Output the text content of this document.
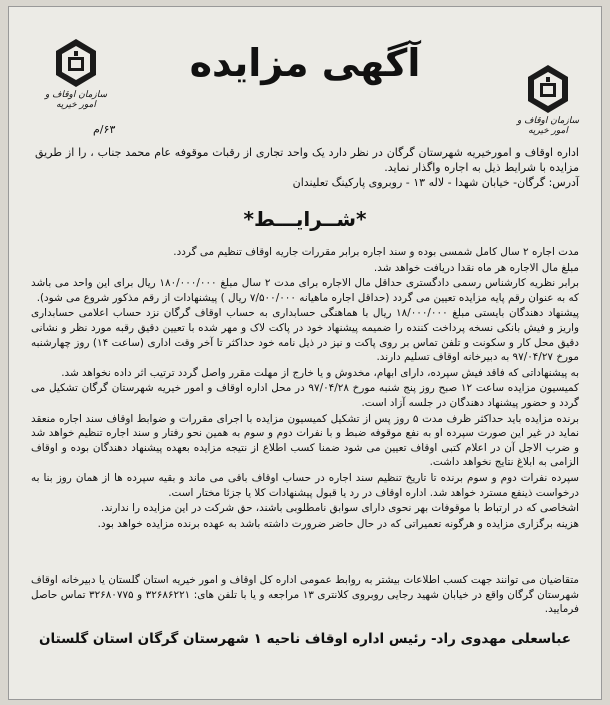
سازمان اوقاف و امور خیریه
سازمان اوقاف و امور خیریه
آگهی مزایده
۶۳/م
اداره اوقاف و امورخیریه شهرستان گرگان در نظر دارد یک واحد تجاری از رقبات موقوفه عام محمد جناب ، را از طریق مزایده با شرایط ذیل به اجاره واگذار نماید.
آدرس: گرگان- خیابان شهدا - لاله ۱۳ - روبروی پارکینگ تعلیندان
*شــرایـــط*

مدت اجاره ۲ سال کامل شمسی بوده و سند اجاره برابر مقررات جاریه اوقاف تنظیم می گردد.

مبلغ مال الاجاره هر ماه نقدا دریافت خواهد شد.

برابر نظریه کارشناس رسمی دادگستری حداقل مال الاجاره برای مدت ۲ سال مبلغ ۱۸۰/۰۰۰/۰۰۰ ریال برای این واحد می باشد که به عنوان رقم پایه مزایده تعیین می گردد (حداقل اجاره ماهیانه ۷/۵۰۰/۰۰۰ ریال ) پیشنهادات از رقم مذکور شروع می شود).

پیشنهاد دهندگان بایستی مبلغ ۱۸/۰۰۰/۰۰۰ ریال با هماهنگی حسابداری به حساب اوقاف گرگان نزد حساب اعلامی حسابداری واریز و فیش بانکی نسخه پرداخت کننده را ضمیمه پیشنهاد خود در پاکت لاک و مهر شده با تعیین دقیق رقبه مورد نظر و نشانی دقیق محل کار و سکونت و تلفن تماس بر روی پاکت و نیز در ذیل نامه خود حداکثر تا آخر وقت اداری (ساعت ۱۴) روز چهارشنبه مورخ ۹۷/۰۴/۲۷ به دبیرخانه اوقاف تسلیم دارند.

به پیشنهاداتی که فاقد فیش سپرده، دارای ابهام، مخدوش و یا خارج از مهلت مقرر واصل گردد ترتیب اثر داده نخواهد شد.

کمیسیون مزایده ساعت ۱۲ صبح روز پنج شنبه مورخ ۹۷/۰۴/۲۸ در محل اداره اوقاف و امور خیریه شهرستان گرگان تشکیل می گردد و حضور پیشنهاد دهندگان در جلسه آزاد است.

برنده مزایده باید حداکثر ظرف مدت ۵ روز پس از تشکیل کمیسیون مزایده با اجرای مقررات و ضوابط اوقاف سند اجاره منعقد نماید در غیر این صورت سپرده او به نفع موقوفه ضبط و با نفرات دوم و سوم به همین نحو رفتار و سند اجاره تنظیم خواهد شد و ضرب الاجل آن در اعلام کتبی اوقاف تعیین می شود ضمنا کسب اطلاع از نتیجه مزایده بعهده پیشنهاد دهندگان بوده و اوقاف الزامی به ابلاغ نتایج نخواهد داشت.

سپرده نفرات دوم و سوم برنده تا تاریخ تنظیم سند اجاره در حساب اوقاف باقی می ماند و بقیه سپرده ها از همان روز بنا به درخواست ذینفع مسترد خواهد شد. اداره اوقاف در رد یا قبول پیشنهادات کلا یا جزئا مختار است.

اشخاصی که در ارتباط با موقوفات بهر نحوی دارای سوابق نامطلوبی باشند، حق شرکت در این مزایده را ندارند.

هزینه برگزاری مزایده و هرگونه تعمیراتی که در حال حاضر ضرورت داشته باشد به عهده برنده مزایده خواهد بود.

متقاضیان می توانند جهت کسب اطلاعات بیشتر به روابط عمومی اداره کل اوقاف و امور خیریه استان گلستان یا دبیرخانه اوقاف شهرستان گرگان واقع در خیابان شهید رجایی روبروی کلانتری ۱۳ مراجعه و یا با تلفن های: ۳۲۶۸۶۲۲۱ و ۳۲۶۸۰۷۷۵ تماس حاصل فرمایید.

عباسعلی مهدوی راد- رئیس اداره اوقاف ناحیه ۱ شهرستان گرگان استان گلستان
